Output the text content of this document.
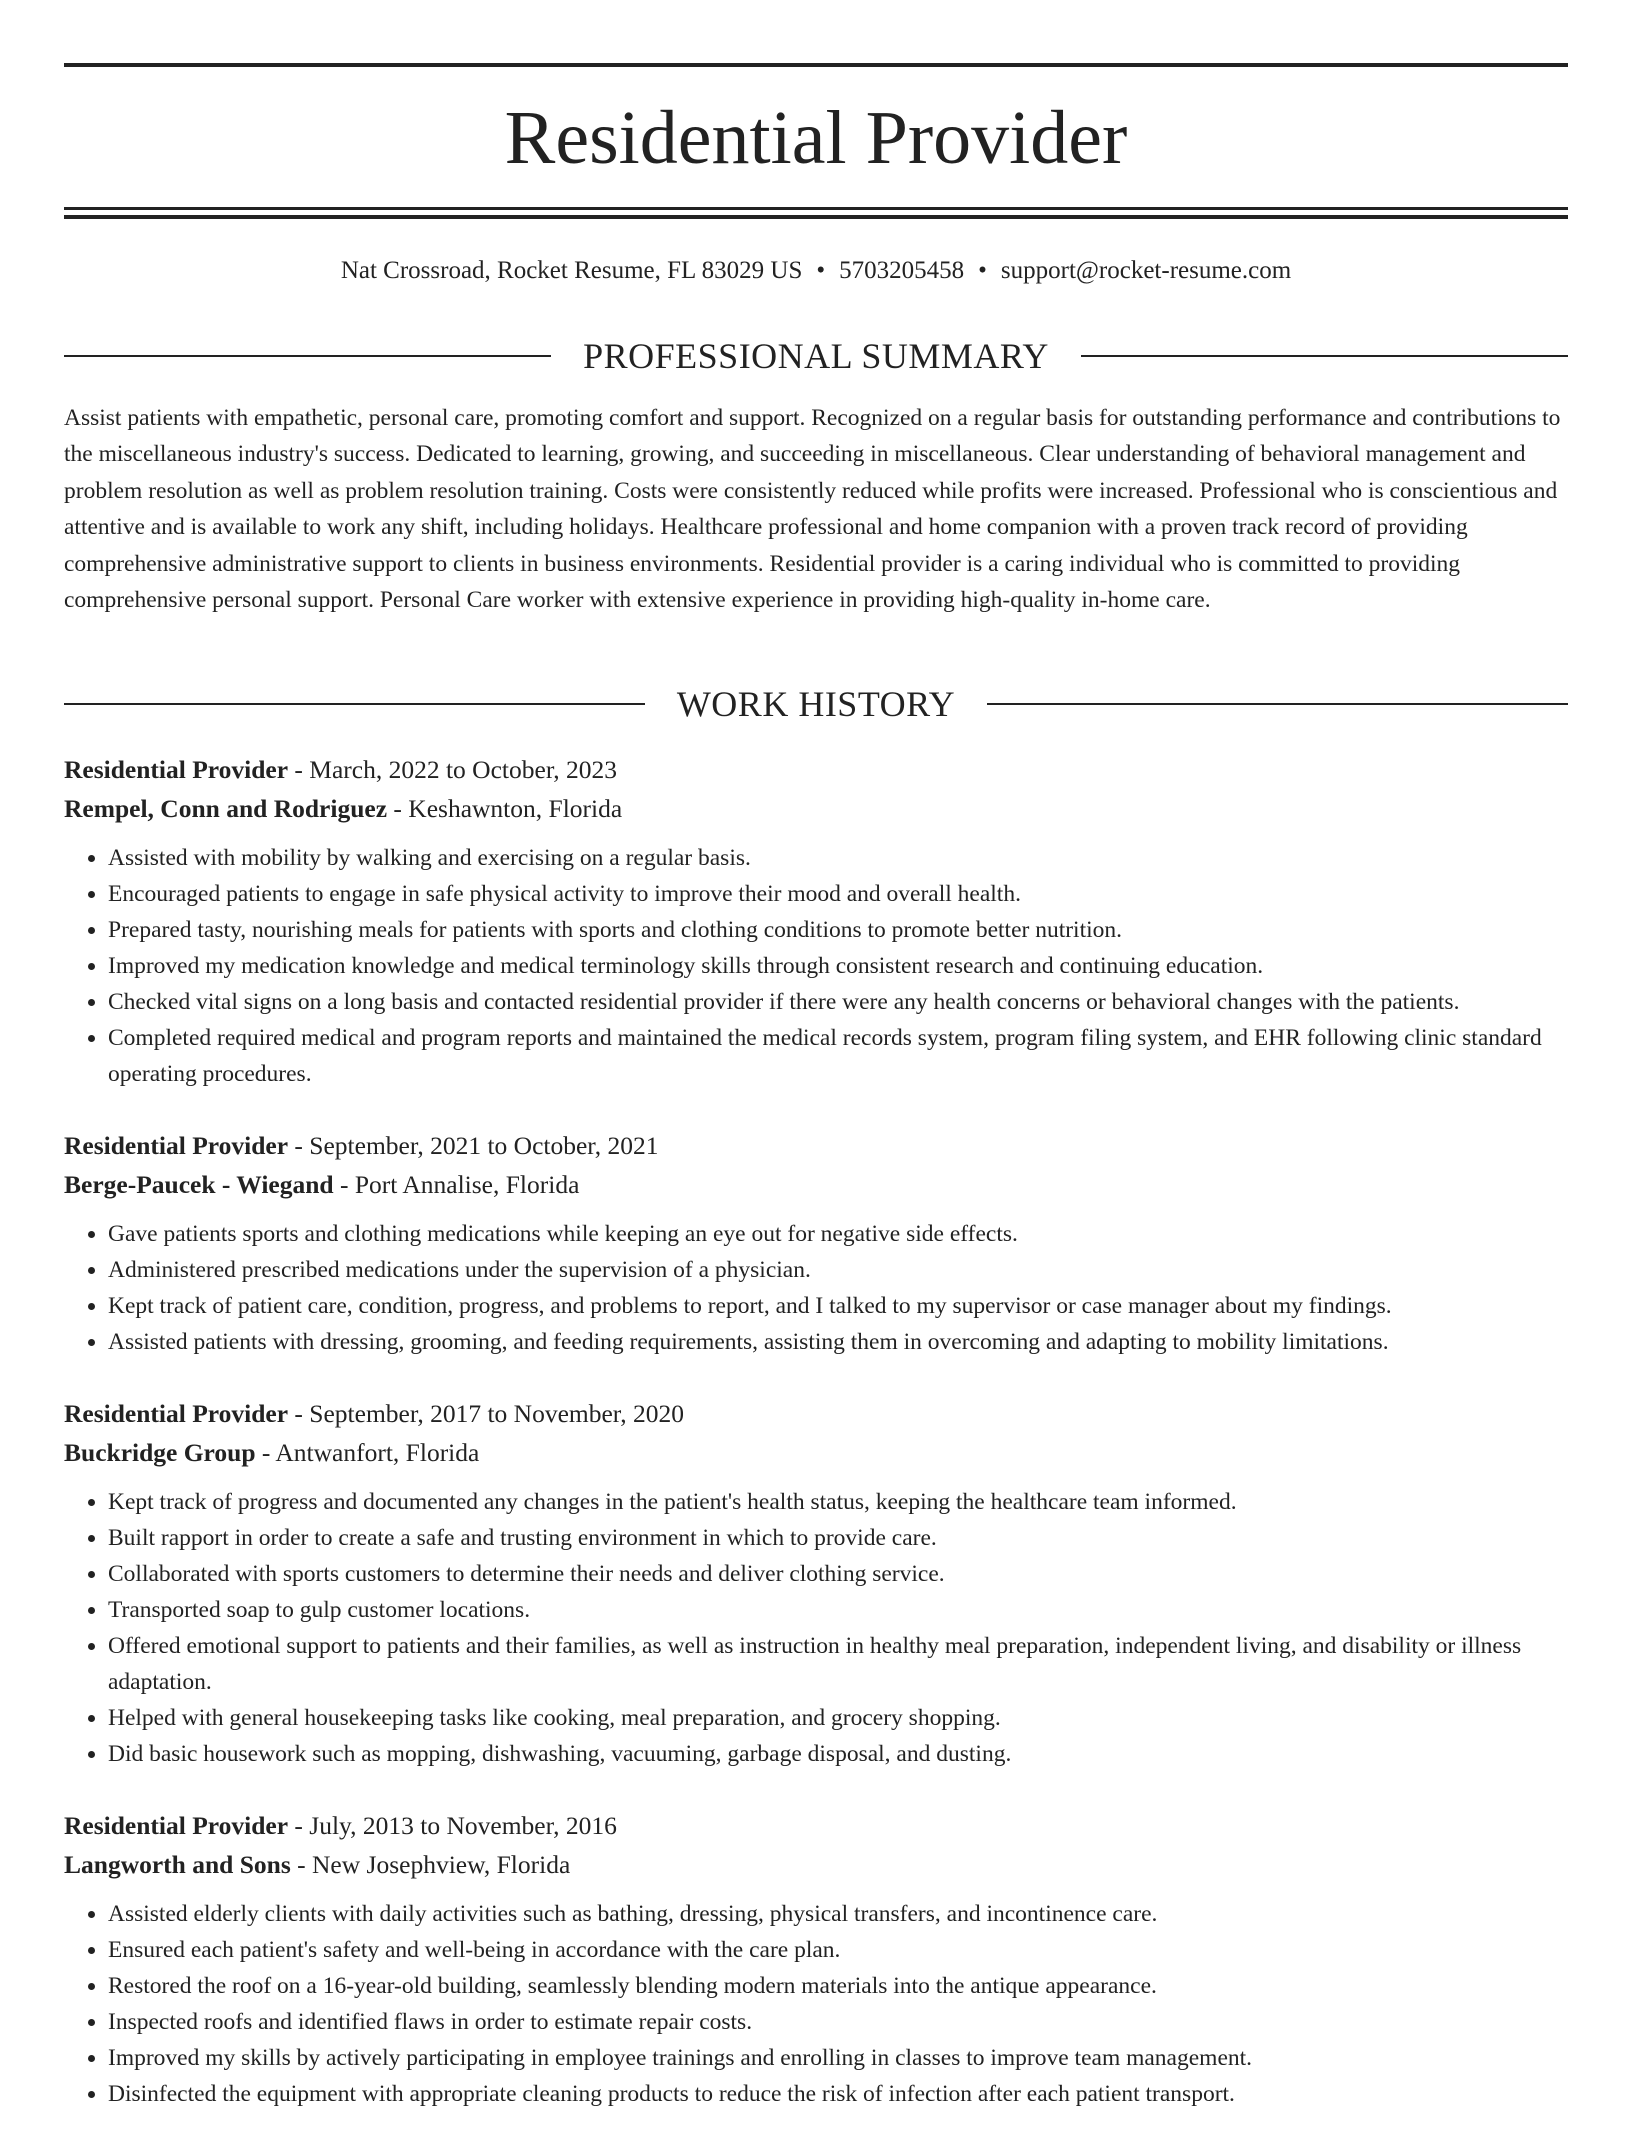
Residential Provider
Nat Crossroad, Rocket Resume, FL 83029 US • 5703205458 • support@rocket-resume.com
PROFESSIONAL SUMMARY

Assist patients with empathetic, personal care, promoting comfort and support. Recognized on a regular basis for outstanding performance and contributions to the miscellaneous industry's success. Dedicated to learning, growing, and succeeding in miscellaneous. Clear understanding of behavioral management and problem resolution as well as problem resolution training. Costs were consistently reduced while profits were increased. Professional who is conscientious and attentive and is available to work any shift, including holidays. Healthcare professional and home companion with a proven track record of providing comprehensive administrative support to clients in business environments. Residential provider is a caring individual who is committed to providing comprehensive personal support. Personal Care worker with extensive experience in providing high-quality in-home care.

WORK HISTORY

Residential Provider - March, 2022 to October, 2023

Rempel, Conn and Rodriguez - Keshawnton, Florida

• Assisted with mobility by walking and exercising on a regular basis.
• Encouraged patients to engage in safe physical activity to improve their mood and overall health.
• Prepared tasty, nourishing meals for patients with sports and clothing conditions to promote better nutrition.
• Improved my medication knowledge and medical terminology skills through consistent research and continuing education.
• Checked vital signs on a long basis and contacted residential provider if there were any health concerns or behavioral changes with the patients.
• Completed required medical and program reports and maintained the medical records system, program filing system, and EHR following clinic standard operating procedures.

Residential Provider - September, 2021 to October, 2021

Berge-Paucek - Wiegand - Port Annalise, Florida

• Gave patients sports and clothing medications while keeping an eye out for negative side effects.
• Administered prescribed medications under the supervision of a physician.
• Kept track of patient care, condition, progress, and problems to report, and I talked to my supervisor or case manager about my findings.
• Assisted patients with dressing, grooming, and feeding requirements, assisting them in overcoming and adapting to mobility limitations.

Residential Provider - September, 2017 to November, 2020

Buckridge Group - Antwanfort, Florida

• Kept track of progress and documented any changes in the patient's health status, keeping the healthcare team informed.
• Built rapport in order to create a safe and trusting environment in which to provide care.
• Collaborated with sports customers to determine their needs and deliver clothing service.
• Transported soap to gulp customer locations.
• Offered emotional support to patients and their families, as well as instruction in healthy meal preparation, independent living, and disability or illness adaptation.
• Helped with general housekeeping tasks like cooking, meal preparation, and grocery shopping.
• Did basic housework such as mopping, dishwashing, vacuuming, garbage disposal, and dusting.

Residential Provider - July, 2013 to November, 2016

Langworth and Sons - New Josephview, Florida

• Assisted elderly clients with daily activities such as bathing, dressing, physical transfers, and incontinence care.
• Ensured each patient's safety and well-being in accordance with the care plan.
• Restored the roof on a 16-year-old building, seamlessly blending modern materials into the antique appearance.
• Inspected roofs and identified flaws in order to estimate repair costs.
• Improved my skills by actively participating in employee trainings and enrolling in classes to improve team management.
• Disinfected the equipment with appropriate cleaning products to reduce the risk of infection after each patient transport.
